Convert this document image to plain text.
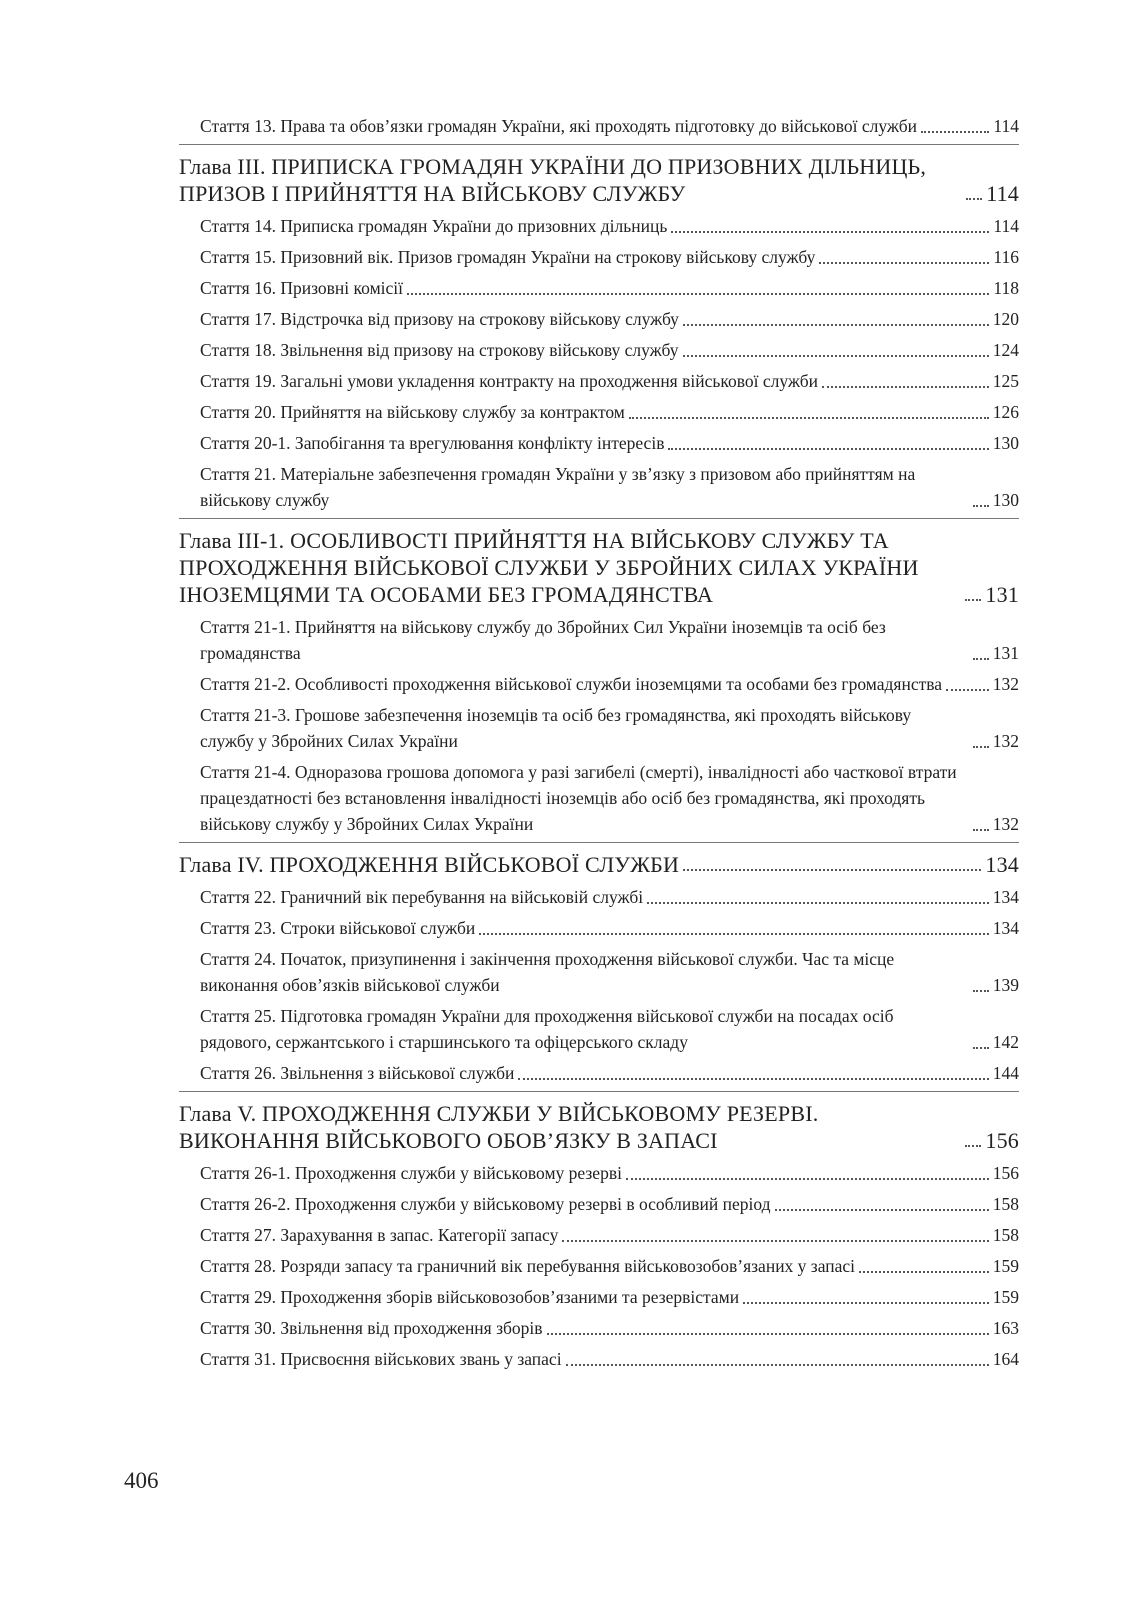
Стаття 13. Права та обов’язки громадян України, які проходять підготовку до військової служби	114
Глава ІІІ. ПРИПИСКА ГРОМАДЯН УКРАЇНИ ДО ПРИЗОВНИХ ДІЛЬНИЦЬ, ПРИЗОВ І ПРИЙНЯТТЯ НА ВІЙСЬКОВУ СЛУЖБУ	114
Стаття 14. Приписка громадян України до призовних дільниць	114
Стаття 15. Призовний вік. Призов громадян України на строкову військову службу	116
Стаття 16. Призовні комісії	118
Стаття 17. Відстрочка від призову на строкову військову службу	120
Стаття 18. Звільнення від призову на строкову військову службу	124
Стаття 19. Загальні умови укладення контракту на проходження військової служби	125
Стаття 20. Прийняття на військову службу за контрактом	126
Стаття 20-1. Запобігання та врегулювання конфлікту інтересів	130
Стаття 21. Матеріальне забезпечення громадян України у зв’язку з призовом або прийняттям на військову службу	130
Глава ІІІ-1. ОСОБЛИВОСТІ ПРИЙНЯТТЯ НА ВІЙСЬКОВУ СЛУЖБУ ТА ПРОХОДЖЕННЯ ВІЙСЬКОВОЇ СЛУЖБИ У ЗБРОЙНИХ СИЛАХ УКРАЇНИ ІНОЗЕМЦЯМИ ТА ОСОБАМИ БЕЗ ГРОМАДЯНСТВА	131
Стаття 21-1. Прийняття на військову службу до Збройних Сил України іноземців та осіб без громадянства	131
Стаття 21-2. Особливості проходження військової служби іноземцями та особами без громадянства	132
Стаття 21-3. Грошове забезпечення іноземців та осіб без громадянства, які проходять військову службу у Збройних Силах України	132
Стаття 21-4. Одноразова грошова допомога у разі загибелі (смерті), інвалідності або часткової втрати працездатності без встановлення інвалідності іноземців або осіб без громадянства, які проходять військову службу у Збройних Силах України	132
Глава IV. ПРОХОДЖЕННЯ ВІЙСЬКОВОЇ СЛУЖБИ	134
Стаття 22. Граничний вік перебування на військовій службі	134
Стаття 23. Строки військової служби	134
Стаття 24. Початок, призупинення і закінчення проходження військової служби. Час та місце виконання обов’язків військової служби	139
Стаття 25. Підготовка громадян України для проходження військової служби на посадах осіб рядового, сержантського і старшинського та офіцерського складу	142
Стаття 26. Звільнення з військової служби	144
Глава V. ПРОХОДЖЕННЯ СЛУЖБИ У ВІЙСЬКОВОМУ РЕЗЕРВІ. ВИКОНАННЯ ВІЙСЬКОВОГО ОБОВ’ЯЗКУ В ЗАПАСІ	156
Стаття 26-1. Проходження служби у військовому резерві	156
Стаття 26-2. Проходження служби у військовому резерві в особливий період	158
Стаття 27. Зарахування в запас. Категорії запасу	158
Стаття 28. Розряди запасу та граничний вік перебування військовозобов’язаних у запасі	159
Стаття 29. Проходження зборів військовозобов’язаними та резервістами	159
Стаття 30. Звільнення від проходження зборів	163
Стаття 31. Присвоєння військових звань у запасі	164
406
